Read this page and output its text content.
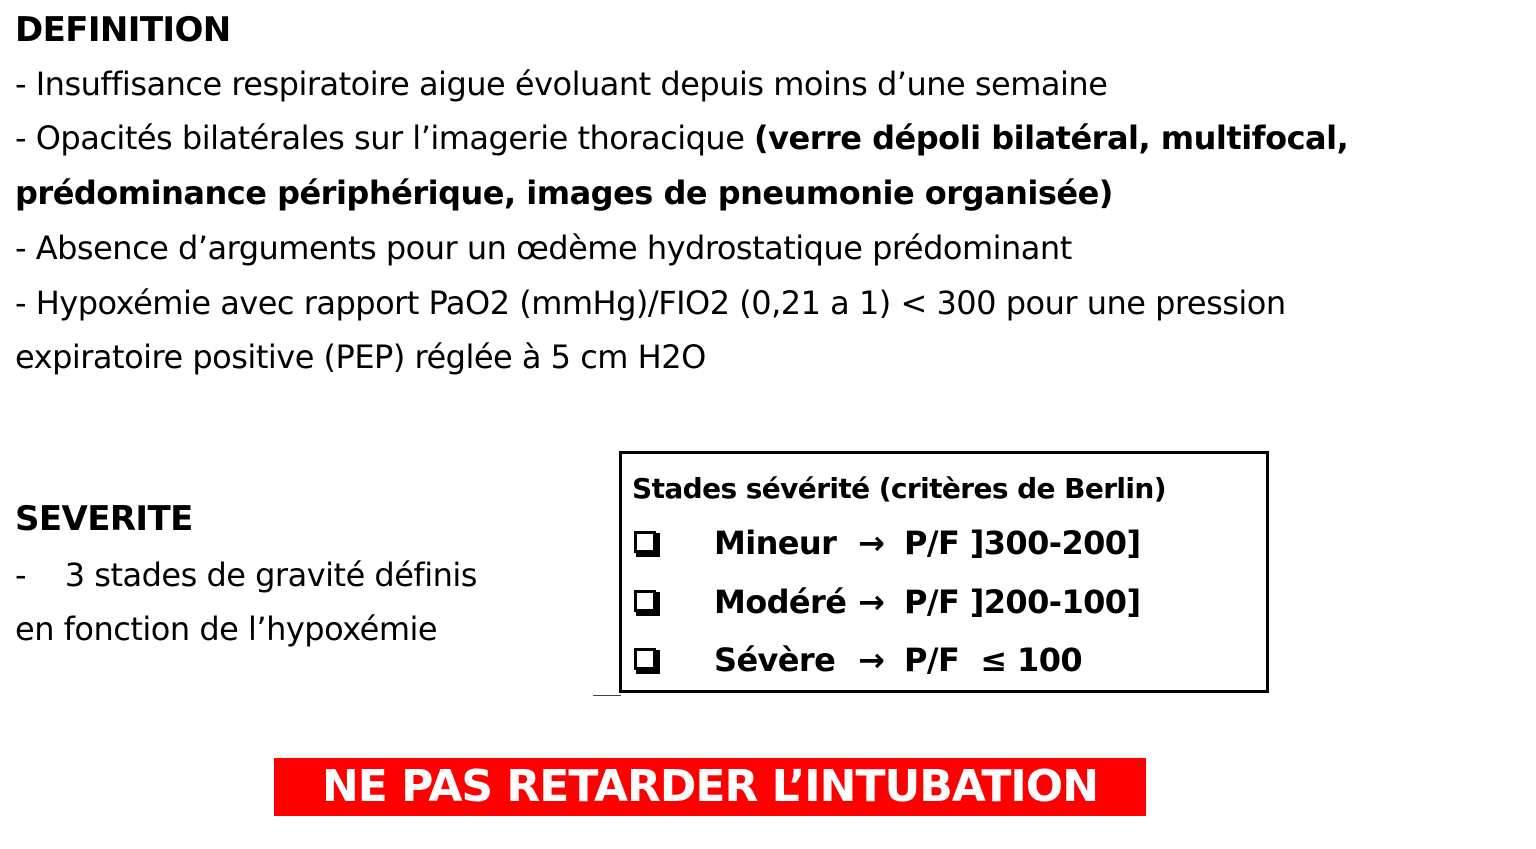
DEFINITION

- Insuffisance respiratoire aigue évoluant depuis moins d’une semaine

- Opacités bilatérales sur l’imagerie thoracique (verre dépoli bilatéral, multifocal,

prédominance périphérique, images de pneumonie organisée)

- Absence d’arguments pour un œdème hydrostatique prédominant

- Hypoxémie avec rapport PaO2 (mmHg)/FIO2 (0,21 a 1) < 300 pour une pression

expiratoire positive (PEP) réglée à 5 cm H2O

SEVERITE

-    3 stades de gravité définis

en fonction de l’hypoxémie

Stades sévérité (critères de Berlin)
Mineur → P/F ]300-200]
Modéré → P/F ]200-100]
Sévère → P/F  ≤ 100
NE PAS RETARDER L’INTUBATION
